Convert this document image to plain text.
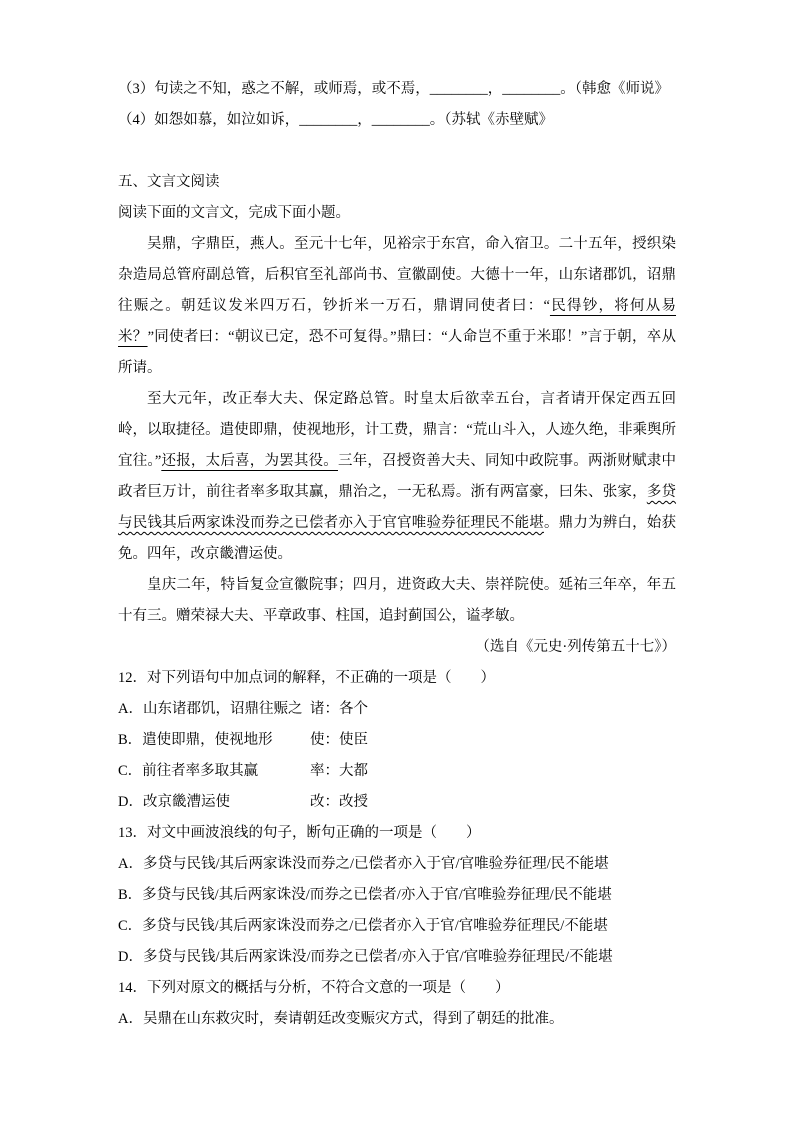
（3）句读之不知，惑之不解，或师焉，或不焉，________，________。（韩愈《师说》
（4）如怨如慕，如泣如诉，________，________。（苏轼《赤壁赋》
五、文言文阅读
阅读下面的文言文，完成下面小题。

吴鼎，字鼎臣，燕人。至元十七年，见裕宗于东宫，命入宿卫。二十五年，授织染杂造局总管府副总管，后积官至礼部尚书、宣徽副使。大德十一年，山东诸郡饥，诏鼎往赈之。朝廷议发米四万石，钞折米一万石，鼎谓同使者曰：“民得钞，将何从易米？”同使者曰：“朝议已定，恐不可复得。”鼎曰：“人命岂不重于米耶！”言于朝，卒从所请。

至大元年，改正奉大夫、保定路总管。时皇太后欲幸五台，言者请开保定西五回岭，以取捷径。遣使即鼎，使视地形，计工费，鼎言：“荒山斗入，人迹久绝，非乘舆所宜往。”还报，太后喜，为罢其役。三年，召授资善大夫、同知中政院事。两浙财赋隶中政者巨万计，前往者率多取其赢，鼎治之，一无私焉。浙有两富豪，曰朱、张家，多贷与民钱其后两家诛没而券之已偿者亦入于官官唯验券征理民不能堪。鼎力为辨白，始获免。四年，改京畿漕运使。

皇庆二年，特旨复佥宣徽院事；四月，进资政大夫、崇祥院使。延祐三年卒，年五十有三。赠荣禄大夫、平章政事、柱国，追封蓟国公，谥孝敏。

（选自《元史·列传第五十七》）
12．对下列语句中加点词的解释，不正确的一项是（　　）
A．山东诸郡饥，诏鼎往赈之 诸：各个
B．遣使即鼎，使视地形	使：使臣
C．前往者率多取其赢	率：大都
D．改京畿漕运使	改：改授
13．对文中画波浪线的句子，断句正确的一项是（　　）
A．多贷与民钱/其后两家诛没而券之/已偿者亦入于官/官唯验券征理/民不能堪
B．多贷与民钱/其后两家诛没/而券之已偿者/亦入于官/官唯验券征理/民不能堪
C．多贷与民钱/其后两家诛没而券之/已偿者亦入于官/官唯验券征理民/不能堪
D．多贷与民钱/其后两家诛没/而券之已偿者/亦入于官/官唯验券征理民/不能堪
14．下列对原文的概括与分析，不符合文意的一项是（　　）
A．吴鼎在山东救灾时，奏请朝廷改变赈灾方式，得到了朝廷的批准。
